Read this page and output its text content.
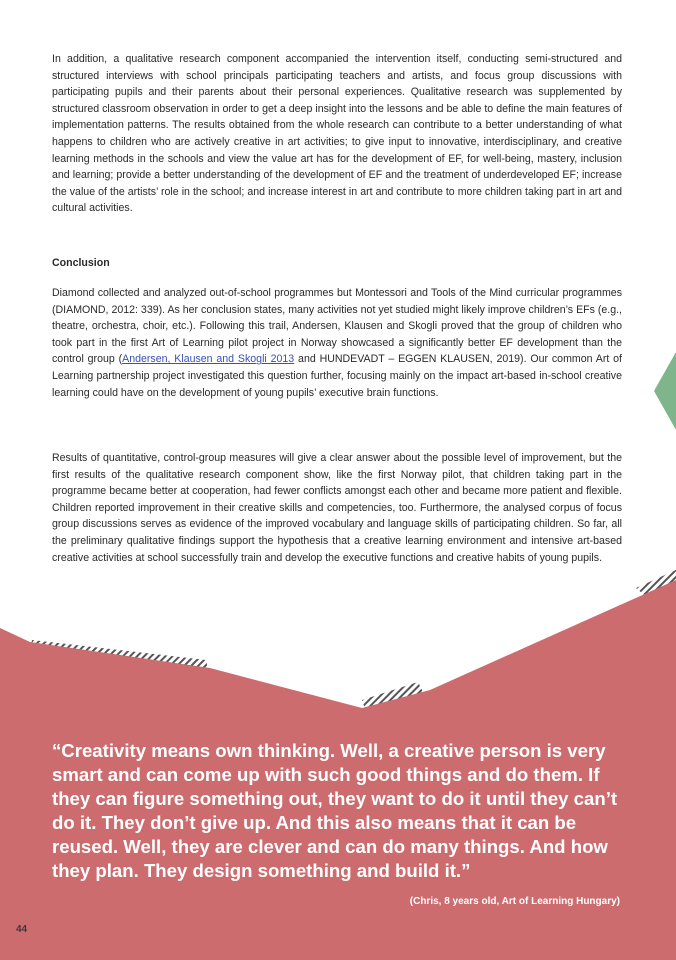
In addition, a qualitative research component accompanied the intervention itself, conducting semi-structured and structured interviews with school principals participating teachers and artists, and focus group discussions with participating pupils and their parents about their personal experiences. Qualitative research was supplemented by structured classroom observation in order to get a deep insight into the lessons and be able to define the main features of implementation patterns. The results obtained from the whole research can contribute to a better understanding of what happens to children who are actively creative in art activities; to give input to innovative, interdisciplinary, and creative learning methods in the schools and view the value art has for the development of EF, for well-being, mastery, inclusion and learning; provide a better understanding of the development of EF and the treatment of underdeveloped EF; increase the value of the artists’ role in the school; and increase interest in art and contribute to more children taking part in art and cultural activities.

Conclusion

Diamond collected and analyzed out-of-school programmes but Montessori and Tools of the Mind curricular programmes (DIAMOND, 2012: 339). As her conclusion states, many activities not yet studied might likely improve children’s EFs (e.g., theatre, orchestra, choir, etc.). Following this trail, Andersen, Klausen and Skogli proved that the group of children who took part in the first Art of Learning pilot project in Norway showcased a significantly better EF development than the control group (Andersen, Klausen and Skogli 2013 and HUNDEVADT – EGGEN KLAUSEN, 2019). Our common Art of Learning partnership project investigated this question further, focusing mainly on the impact art-based in-school creative learning could have on the development of young pupils’ executive brain functions.

Results of quantitative, control-group measures will give a clear answer about the possible level of improvement, but the first results of the qualitative research component show, like the first Norway pilot, that children taking part in the programme became better at cooperation, had fewer conflicts amongst each other and became more patient and flexible. Children reported improvement in their creative skills and competencies, too. Furthermore, the analysed corpus of focus group discussions serves as evidence of the improved vocabulary and language skills of participating children. So far, all the preliminary qualitative findings support the hypothesis that a creative learning environment and intensive art-based creative activities at school successfully train and develop the executive functions and creative habits of young pupils.

“Creativity means own thinking. Well, a creative person is very smart and can come up with such good things and do them. If they can figure something out, they want to do it until they can’t do it. They don’t give up. And this also means that it can be reused. Well, they are clever and can do many things. And how they plan. They design something and build it.”

(Chris, 8 years old, Art of Learning Hungary)

44
